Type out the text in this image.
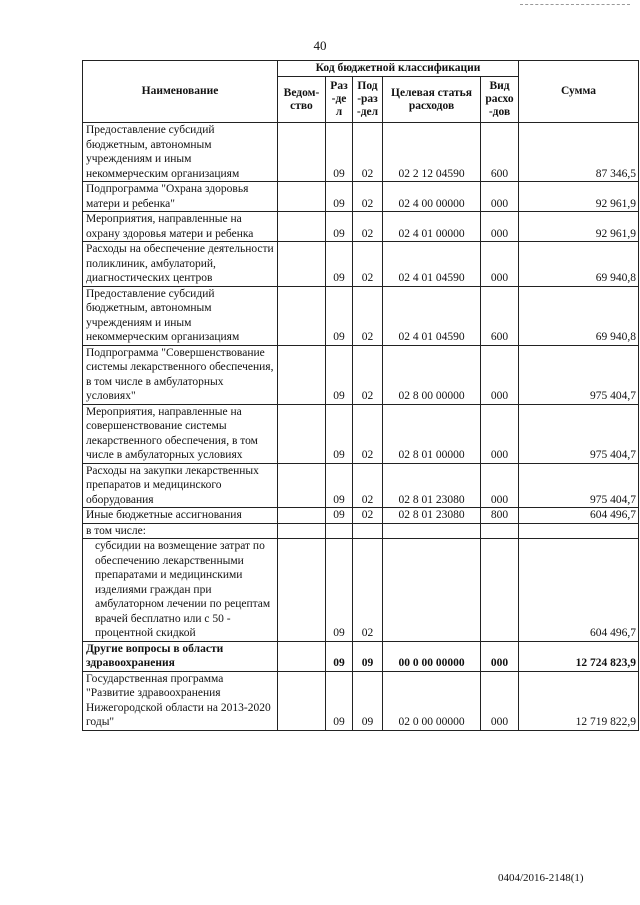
40
Наименование	Код бюджетной классификации					Сумма
	Ведом-ство	Раз-дел	Под-раз-дел	Целевая статья расходов	Вид расхо-дов	
Предоставление субсидий бюджетным, автономным учреждениям и иным некоммерческим организациям		09	02	02 2 12 04590	600	87 346,5
Подпрограмма "Охрана здоровья матери и ребенка"		09	02	02 4 00 00000	000	92 961,9
Мероприятия, направленные на охрану здоровья матери и ребенка		09	02	02 4 01 00000	000	92 961,9
Расходы на обеспечение деятельности поликлиник, амбулаторий, диагностических центров		09	02	02 4 01 04590	000	69 940,8
Предоставление субсидий бюджетным, автономным учреждениям и иным некоммерческим организациям		09	02	02 4 01 04590	600	69 940,8
Подпрограмма "Совершенствование системы лекарственного обеспечения, в том числе в амбулаторных условиях"		09	02	02 8 00 00000	000	975 404,7
Мероприятия, направленные на совершенствование системы лекарственного обеспечения, в том числе в амбулаторных условиях		09	02	02 8 01 00000	000	975 404,7
Расходы на закупки лекарственных препаратов и медицинского оборудования		09	02	02 8 01 23080	000	975 404,7
Иные бюджетные ассигнования		09	02	02 8 01 23080	800	604 496,7
в том числе:						
субсидии на возмещение затрат по обеспечению лекарственными препаратами и медицинскими изделиями граждан при амбулаторном лечении по рецептам врачей бесплатно или с 50 - процентной скидкой		09	02			604 496,7
Другие вопросы в области здравоохранения		09	09	00 0 00 00000	000	12 724 823,9
Государственная программа "Развитие здравоохранения Нижегородской области на 2013-2020 годы"		09	09	02 0 00 00000	000	12 719 822,9
0404/2016-2148(1)
